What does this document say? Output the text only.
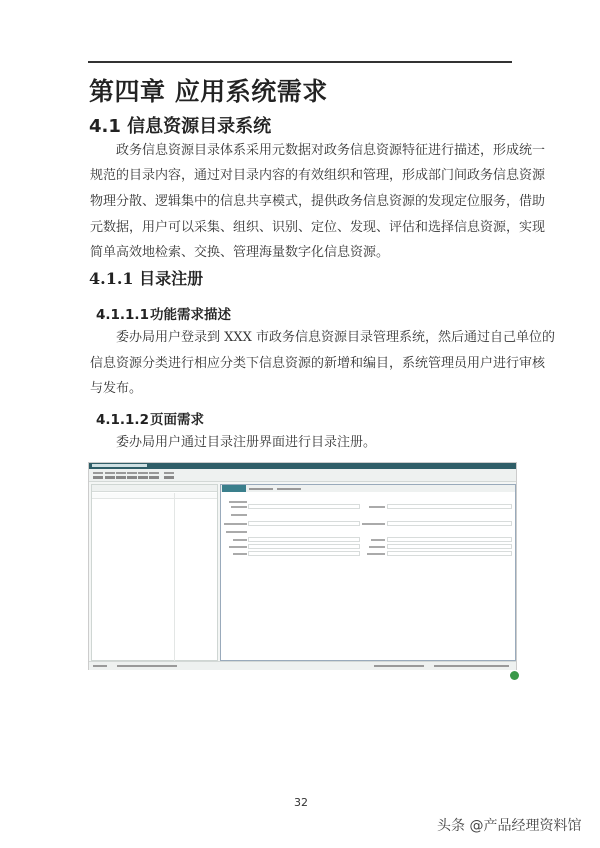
第四章 应用系统需求
4.1 信息资源目录系统
政务信息资源目录体系采用元数据对政务信息资源特征进行描述，形成统一
规范的目录内容，通过对目录内容的有效组织和管理，形成部门间政务信息资源
物理分散、逻辑集中的信息共享模式，提供政务信息资源的发现定位服务，借助
元数据，用户可以采集、组织、识别、定位、发现、评估和选择信息资源，实现
简单高效地检索、交换、管理海量数字化信息资源。
4.1.1 目录注册
4.1.1.1功能需求描述
委办局用户登录到 XXX 市政务信息资源目录管理系统，然后通过自己单位的
信息资源分类进行相应分类下信息资源的新增和编目，系统管理员用户进行审核
与发布。
4.1.1.2页面需求
委办局用户通过目录注册界面进行目录注册。
32
头条 @产品经理资料馆
